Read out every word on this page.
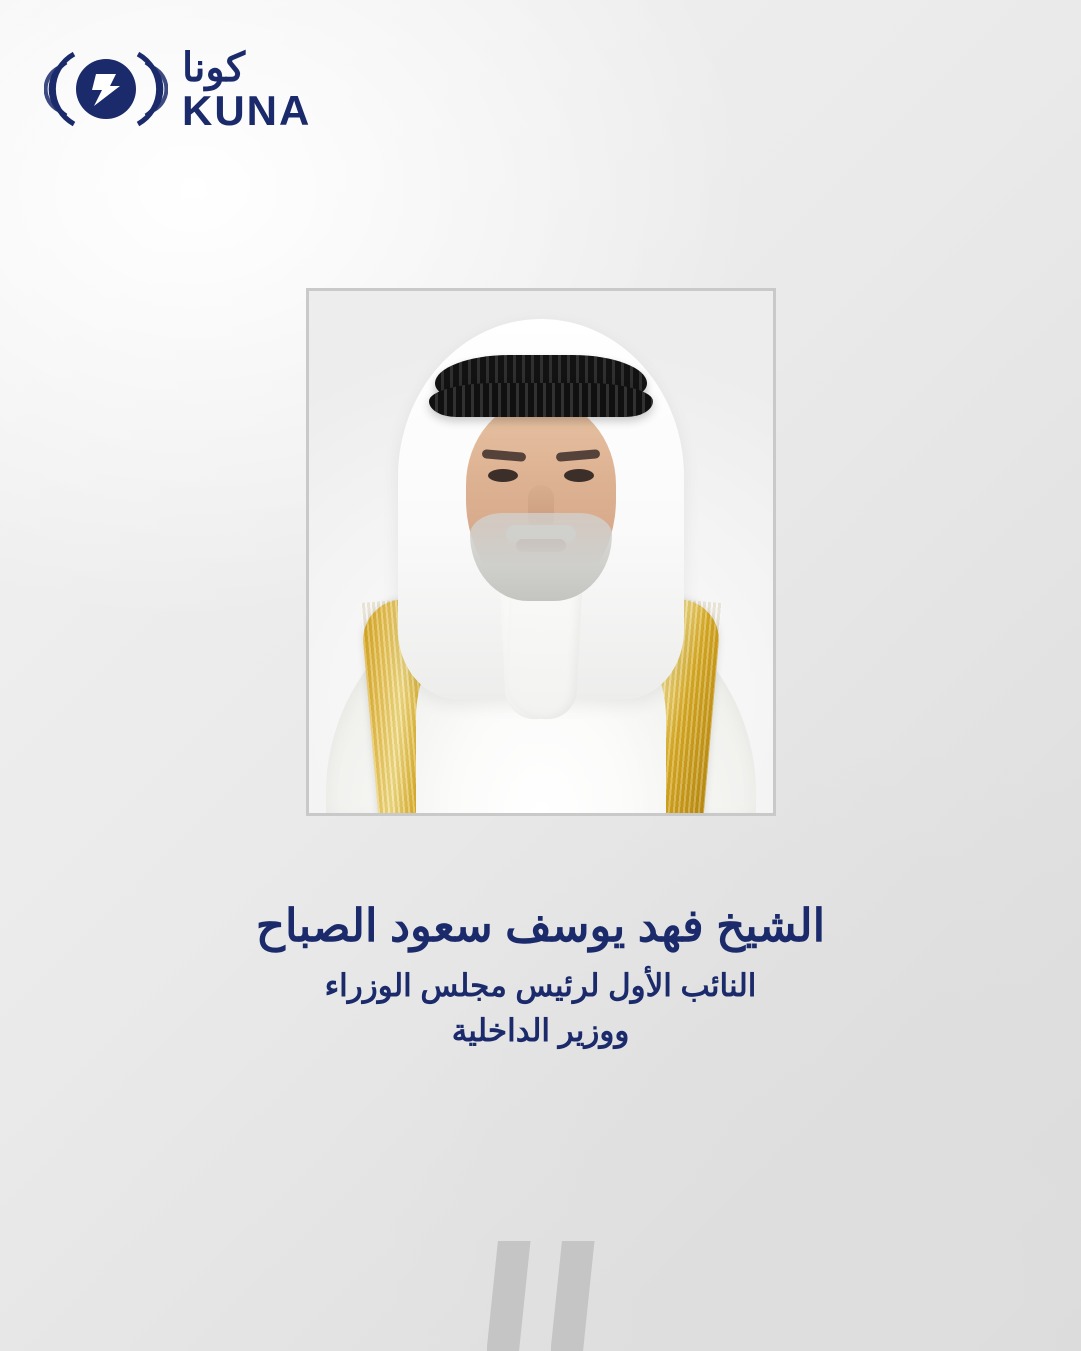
كونا
KUNA

الشيخ فهد يوسف سعود الصباح

النائب الأول لرئيس مجلس الوزراء

ووزير الداخلية
